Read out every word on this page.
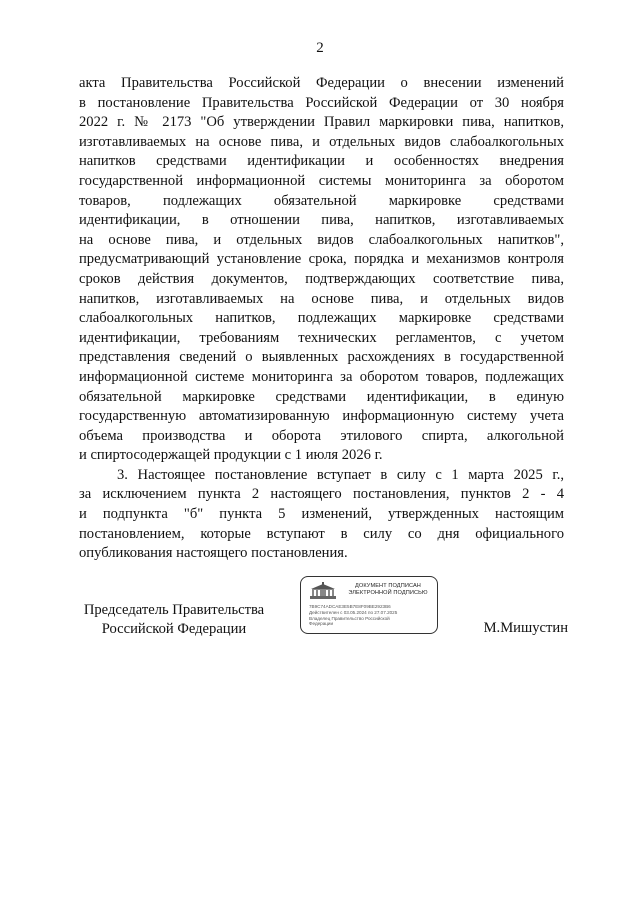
2
акта Правительства Российской Федерации о внесении изменений
в постановление Правительства Российской Федерации от 30 ноября
2022 г. № 2173 "Об утверждении Правил маркировки пива, напитков,
изготавливаемых на основе пива, и отдельных видов слабоалкогольных
напитков средствами идентификации и особенностях внедрения
государственной информационной системы мониторинга за оборотом
товаров, подлежащих обязательной маркировке средствами
идентификации, в отношении пива, напитков, изготавливаемых
на основе пива, и отдельных видов слабоалкогольных напитков",
предусматривающий установление срока, порядка и механизмов контроля
сроков действия документов, подтверждающих соответствие пива,
напитков, изготавливаемых на основе пива, и отдельных видов
слабоалкогольных напитков, подлежащих маркировке средствами
идентификации, требованиям технических регламентов, с учетом
представления сведений о выявленных расхождениях в государственной
информационной системе мониторинга за оборотом товаров, подлежащих
обязательной маркировке средствами идентификации, в единую
государственную автоматизированную информационную систему учета
объема производства и оборота этилового спирта, алкогольной
и спиртосодержащей продукции с 1 июля 2026 г.
3. Настоящее постановление вступает в силу с 1 марта 2025 г.,
за исключением пункта 2 настоящего постановления, пунктов 2 - 4
и подпункта "б" пункта 5 изменений, утвержденных настоящим
постановлением, которые вступают в силу со дня официального
опубликования настоящего постановления.
Председатель Правительства
Российской Федерации
ДОКУМЕНТ ПОДПИСАН
ЭЛЕКТРОННОЙ ПОДПИСЬЮ
7B9C74ADCAE3E5B7E8F09BE2923B6
Действителен с 03.05.2024 по 27.07.2025
Владелец Правительство Российской
Федерации	М.Мишустин
